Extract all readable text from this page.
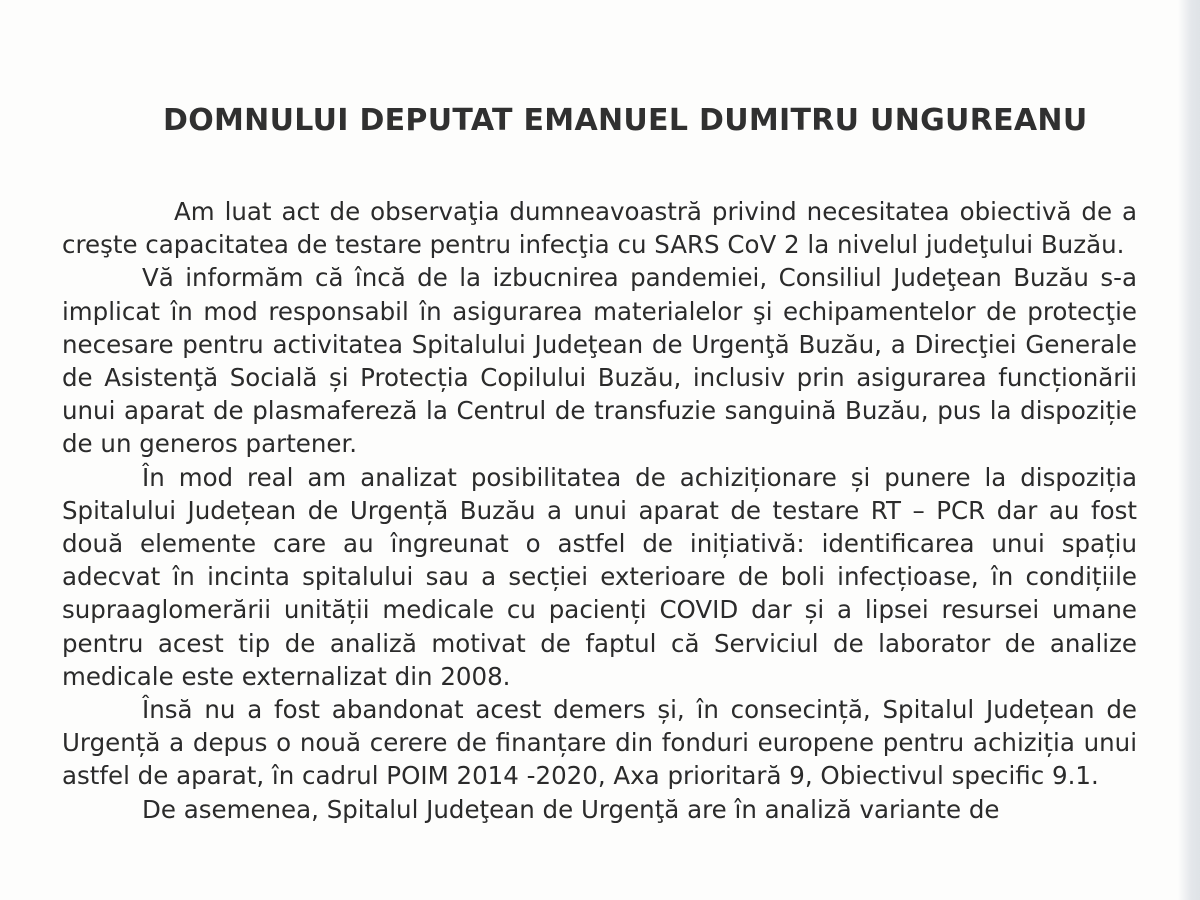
DOMNULUI DEPUTAT EMANUEL DUMITRU UNGUREANU

Am luat act de observaţia dumneavoastră privind necesitatea obiectivă de a creşte capacitatea de testare pentru infecţia cu SARS CoV 2 la nivelul judeţului Buzău.

Vă informăm că încă de la izbucnirea pandemiei, Consiliul Judeţean Buzău s-a implicat în mod responsabil în asigurarea materialelor şi echipamentelor de protecţie necesare pentru activitatea Spitalului Judeţean de Urgenţă Buzău, a Direcţiei Generale de Asistenţă Socială și Protecția Copilului Buzău, inclusiv prin asigurarea funcționării unui aparat de plasmafereză la Centrul de transfuzie sanguină Buzău, pus la dispoziție de un generos partener.

În mod real am analizat posibilitatea de achiziționare și punere la dispoziția Spitalului Județean de Urgență Buzău a unui aparat de testare RT – PCR dar au fost două elemente care au îngreunat o astfel de inițiativă: identificarea unui spațiu adecvat în incinta spitalului sau a secției exterioare de boli infecțioase, în condițiile supraaglomerării unității medicale cu pacienți COVID dar și a lipsei resursei umane pentru acest tip de analiză motivat de faptul că Serviciul de laborator de analize medicale este externalizat din 2008.

Însă nu a fost abandonat acest demers și, în consecință, Spitalul Județean de Urgență a depus o nouă cerere de finanțare din fonduri europene pentru achiziția unui astfel de aparat, în cadrul POIM 2014 -2020, Axa prioritară 9, Obiectivul specific 9.1.

De asemenea, Spitalul Judeţean de Urgenţă are în analiză variante de
